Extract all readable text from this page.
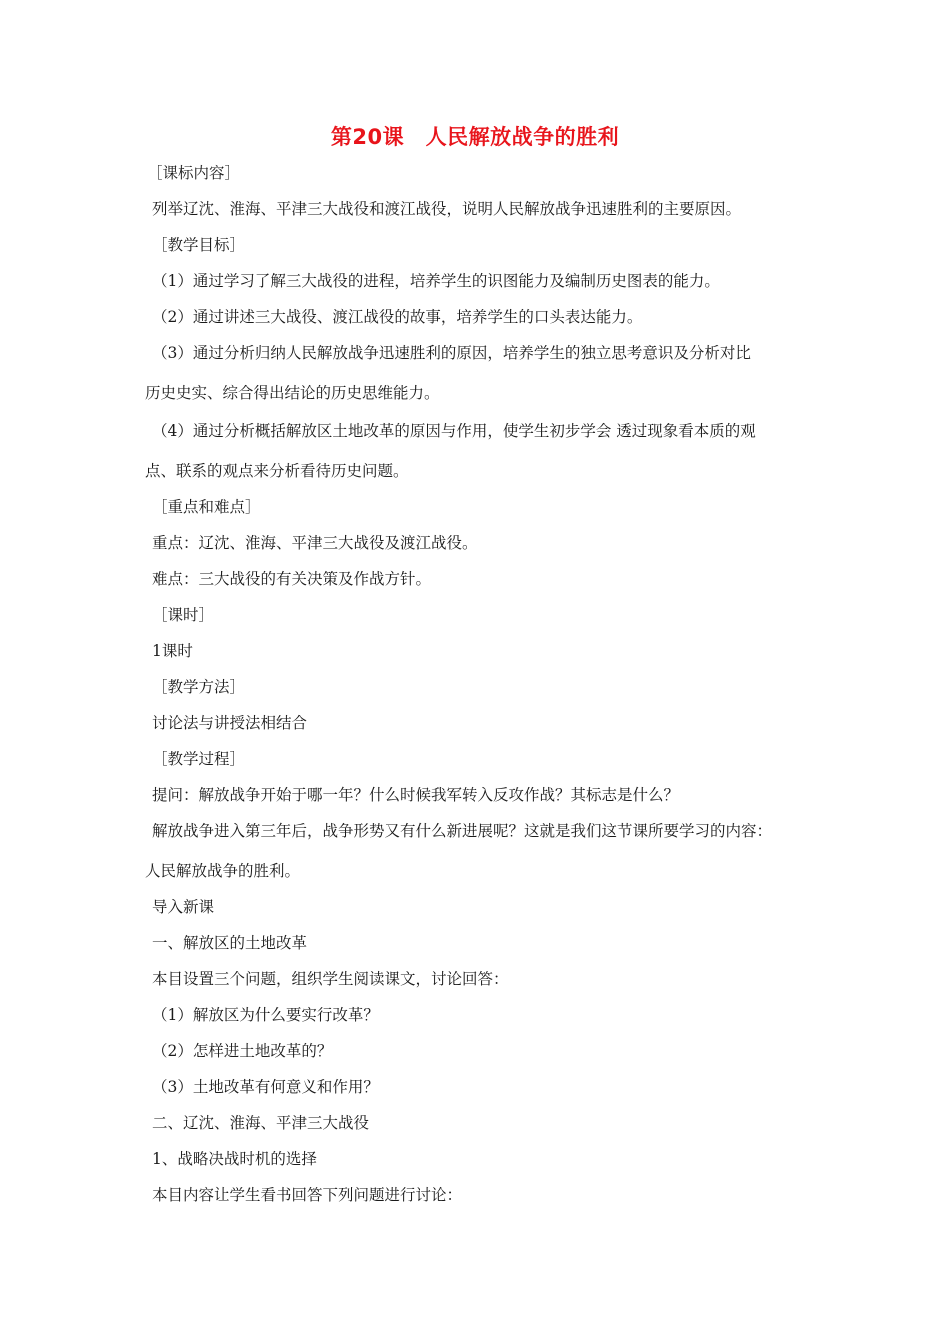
第20课　人民解放战争的胜利
［课标内容］
列举辽沈、淮海、平津三大战役和渡江战役，说明人民解放战争迅速胜利的主要原因。
［教学目标］
（1）通过学习了解三大战役的进程，培养学生的识图能力及编制历史图表的能力。
（2）通过讲述三大战役、渡江战役的故事，培养学生的口头表达能力。
（3）通过分析归纳人民解放战争迅速胜利的原因，培养学生的独立思考意识及分析对比
历史史实、综合得出结论的历史思维能力。
（4）通过分析概括解放区土地改革的原因与作用，使学生初步学会 透过现象看本质的观
点、联系的观点来分析看待历史问题。
［重点和难点］
重点：辽沈、淮海、平津三大战役及渡江战役。
难点：三大战役的有关决策及作战方针。
［课时］
1课时
［教学方法］
讨论法与讲授法相结合
［教学过程］
提问：解放战争开始于哪一年？什么时候我军转入反攻作战？其标志是什么？
解放战争进入第三年后，战争形势又有什么新进展呢？这就是我们这节课所要学习的内容：
人民解放战争的胜利。
导入新课
一、解放区的土地改革
本目设置三个问题，组织学生阅读课文，讨论回答：
（1）解放区为什么要实行改革？
（2）怎样进土地改革的？
（3）土地改革有何意义和作用？
二、辽沈、淮海、平津三大战役
1、战略决战时机的选择
本目内容让学生看书回答下列问题进行讨论：
